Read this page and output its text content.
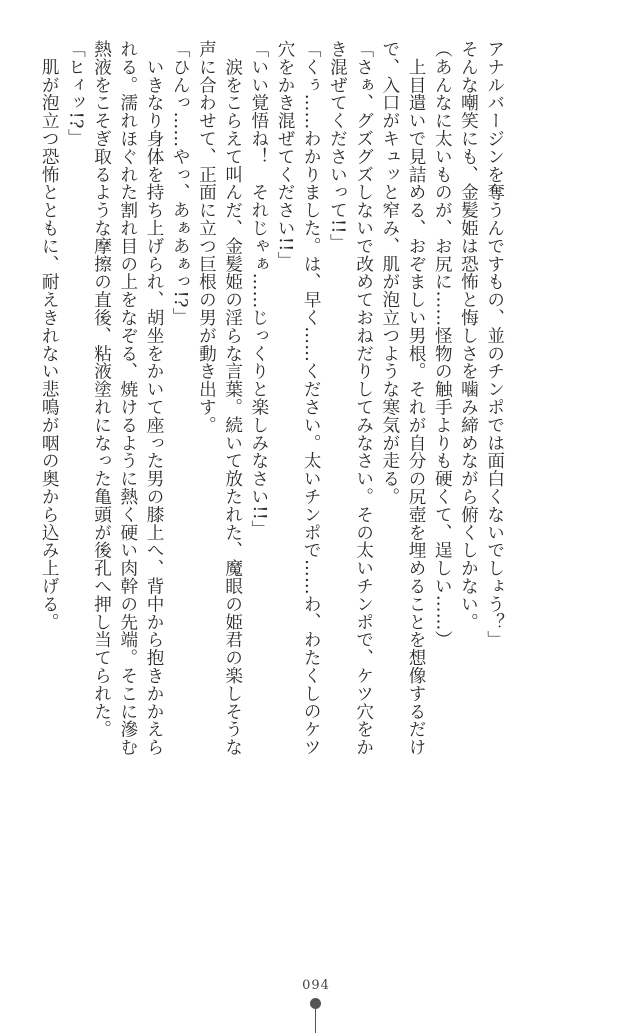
アナルバージンを奪うんですもの、並のチンポでは面白くないでしょう？」

そんな嘲笑にも、金髪姫は恐怖と悔しさを噛み締めながら俯くしかない。

（あんなに太いものが、お尻に……怪物の触手よりも硬くて、逞しい……）

　上目遣いで見詰める、おぞましい男根。それが自分の尻壺を埋めることを想像するだけ

で、入口がキュッと窄み、肌が泡立つような寒気が走る。

「さぁ、グズグズしないで改めておねだりしてみなさい。その太いチンポで、ケツ穴をか

き混ぜてくださいって!!」

「くぅ……わかりました。は、早く……ください。太いチンポで……わ、わたくしのケツ

穴をかき混ぜてください!!」

「いい覚悟ね！　それじゃぁ……じっくりと楽しみなさい!!」

　涙をこらえて叫んだ、金髪姫の淫らな言葉。続いて放たれた、魔眼の姫君の楽しそうな

声に合わせて、正面に立つ巨根の男が動き出す。

「ひんっ……やっ、あぁあぁっ!?」

　いきなり身体を持ち上げられ、胡坐をかいて座った男の膝上へ、背中から抱きかかえら

れる。濡れほぐれた割れ目の上をなぞる、焼けるように熱く硬い肉幹の先端。そこに滲む

熱液をこそぎ取るような摩擦の直後、粘液塗れになった亀頭が後孔へ押し当てられた。

「ヒィッ!?」

　肌が泡立つ恐怖とともに、耐えきれない悲鳴が咽の奥から込み上げる。

094
